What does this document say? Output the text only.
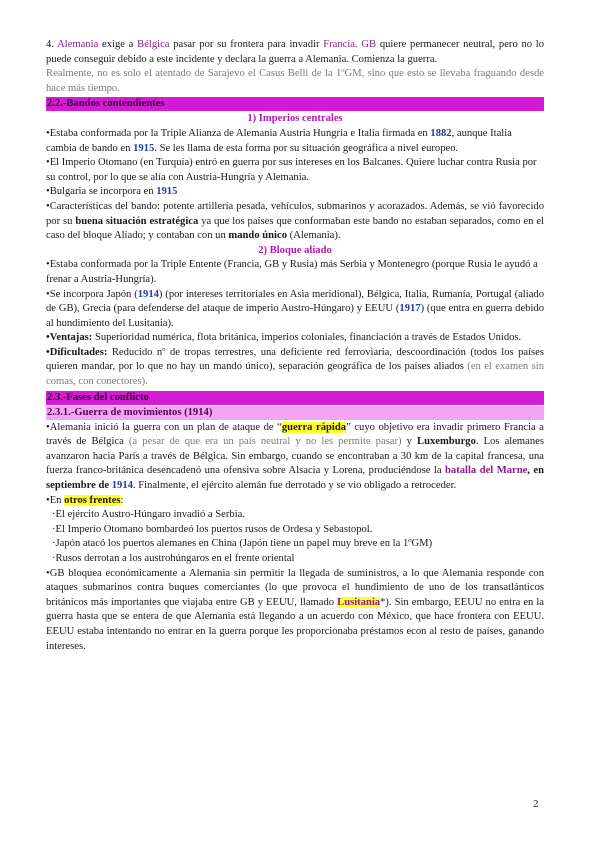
4. Alemania exige a Bélgica pasar por su frontera para invadir Francia. GB quiere permanecer neutral, pero no lo puede conseguir debido a este incidente y declara la guerra a Alemania. Comienza la guerra.

Realmente, no es solo el atentado de Sarajevo el Casus Belli de la 1ºGM, sino que esto se llevaba fraguando desde hace más tiempo.

2.2.-Bandos contendientes

1) Imperios centrales

•Estaba conformada por la Triple Alianza de Alemania Austria Hungria e Italia firmada en 1882, aunque Italia cambia de bando en 1915. Se les llama de esta forma por su situación geográfica a nivel europeo.

•El Imperio Otomano (en Turquía) entró en guerra por sus intereses en los Balcanes. Quiere luchar contra Rusia por su control, por lo que se alía con Austria-Hungría y Alemania.

•Bulgaria se incorpora en 1915

•Características del bando: potente artillería pesada, vehículos, submarinos y acorazados. Además, se vió favorecido por su buena situación estratégica ya que los países que conformaban este bando no estaban separados, como en el caso del bloque Aliado; y contaban con un mando único (Alemania).

2) Bloque aliado

•Estaba conformada por la Triple Entente (Francia, GB y Rusia) más Serbia y Montenegro (porque Rusia le ayudó a frenar a Austria-Hungría).

•Se incorpora Japón (1914) (por intereses territoriales en Asia meridional), Bélgica, Italia, Rumanía, Portugal (aliado de GB), Grecia (para defenderse del ataque de imperio Austro-Húngaro) y EEUU (1917) (que entra en guerra debido al hundimiento del Lusitania).

•Ventajas: Superioridad numérica, flota británica, imperios coloniales, financiación a través de Estados Unidos.

•Dificultades: Reducido nº de tropas terrestres, una deficiente red ferroviaria, descoordinación (todos los países quieren mandar, por lo que no hay un mando único), separación geográfica de los países aliados (en el examen sin comas, con conectores).

2.3.-Fases del conflicto
2.3.1.-Guerra de movimientos (1914)

•Alemania inició la guerra con un plan de ataque de “guerra rápida” cuyo objetivo era invadir primero Francia a través de Bélgica (a pesar de que era un país neutral y no les permite pasar) y Luxemburgo. Los alemanes avanzaron hacia París a través de Bélgica. Sin embargo, cuando se encontraban a 30 km de la capital francesa, una fuerza franco-británica desencadenó una ofensiva sobre Alsacia y Lorena, produciéndose la batalla del Marne, en septiembre de 1914. Finalmente, el ejército alemán fue derrotado y se vio obligado a retroceder.

•En otros frentes:

·El ejército Austro-Húngaro invadió a Serbia.

·El Imperio Otomano bombardeó los puertos rusos de Ordesa y Sebastopol.

·Japón atacó los puertos alemanes en China (Japón tiene un papel muy breve en la 1ºGM)

·Rusos derrotan a los austrohúngaros en el frente oriental

•GB bloquea económicamente a Alemania sin permitir la llegada de suministros, a lo que Alemania responde con ataques submarinos contra buques comerciantes (lo que provoca el hundimiento de uno de los transatlánticos británicos más importantes que viajaba entre GB y EEUU, llamado Lusitania*). Sin embargo, EEUU no entra en la guerra hasta que se entera de que Alemania está llegando a un acuerdo con México, que hace frontera con EEUU. EEUU estaba intentando no entrar en la guerra porque les proporcionaba préstamos econ al resto de países, ganando intereses.

2
